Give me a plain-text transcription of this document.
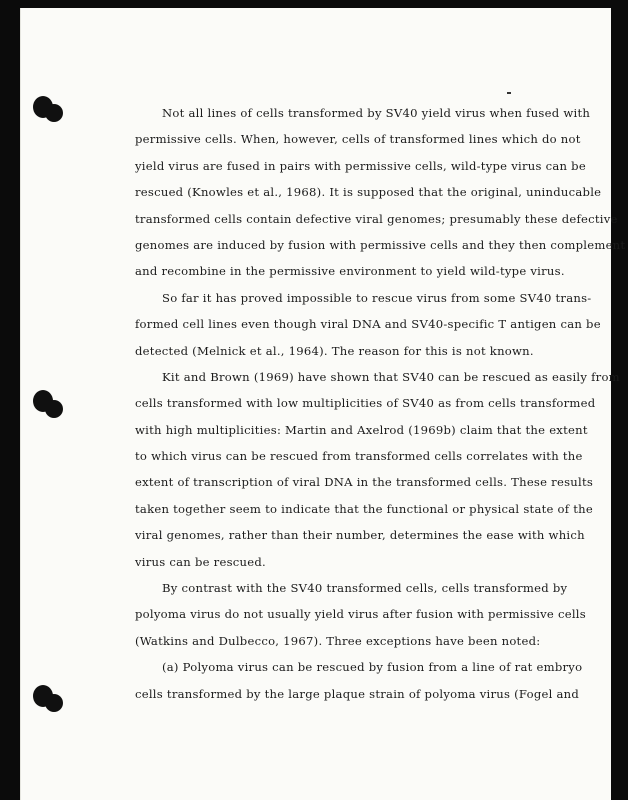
Not all lines of cells transformed by SV40 yield virus when fused with
permissive cells. When, however, cells of transformed lines which do not
yield virus are fused in pairs with permissive cells, wild-type virus can be
rescued (Knowles et al., 1968). It is supposed that the original, uninducable
transformed cells contain defective viral genomes; presumably these defective
genomes are induced by fusion with permissive cells and they then complement
and recombine in the permissive environment to yield wild-type virus.
So far it has proved impossible to rescue virus from some SV40 trans-
formed cell lines even though viral DNA and SV40-specific T antigen can be
detected (Melnick et al., 1964). The reason for this is not known.
Kit and Brown (1969) have shown that SV40 can be rescued as easily from
cells transformed with low multiplicities of SV40 as from cells transformed
with high multiplicities: Martin and Axelrod (1969b) claim that the extent
to which virus can be rescued from transformed cells correlates with the
extent of transcription of viral DNA in the transformed cells. These results
taken together seem to indicate that the functional or physical state of the
viral genomes, rather than their number, determines the ease with which
virus can be rescued.
By contrast with the SV40 transformed cells, cells transformed by
polyoma virus do not usually yield virus after fusion with permissive cells
(Watkins and Dulbecco, 1967). Three exceptions have been noted:
(a) Polyoma virus can be rescued by fusion from a line of rat embryo
cells transformed by the large plaque strain of polyoma virus (Fogel and
